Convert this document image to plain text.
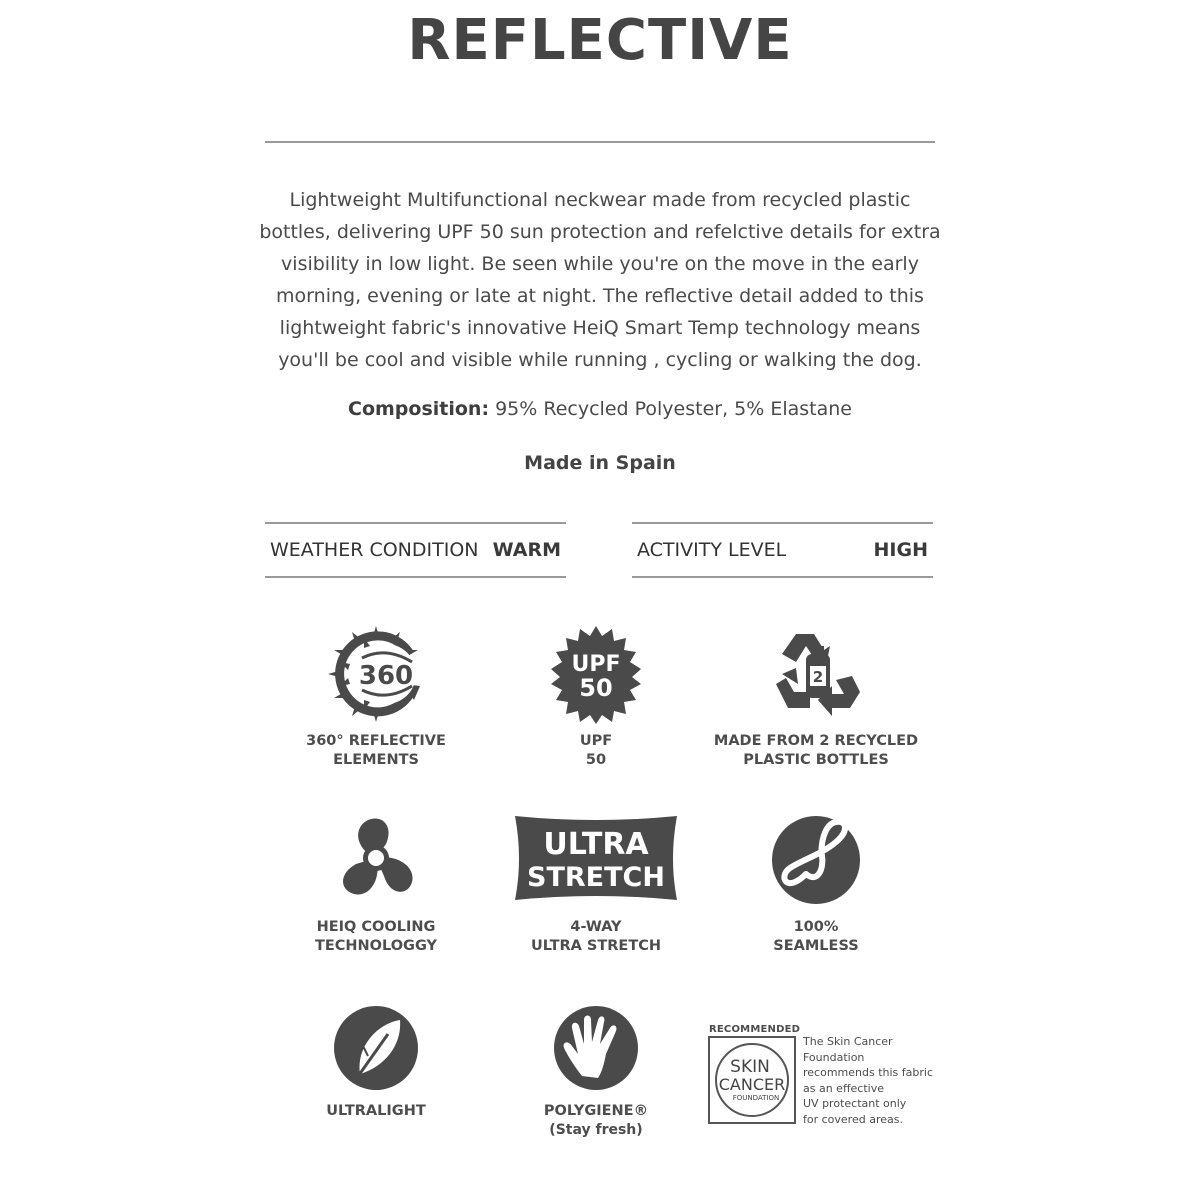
REFLECTIVE

Lightweight Multifunctional neckwear made from recycled plastic bottles, delivering UPF 50 sun protection and refelctive details for extra visibility in low light. Be seen while you're on the move in the early morning, evening or late at night. The reflective detail added to this lightweight fabric's innovative HeiQ Smart Temp technology means you'll be cool and visible while running , cycling or walking the dog.

Composition: 95% Recycled Polyester, 5% Elastane
Made in Spain
WEATHER CONDITION WARM	ACTIVITY LEVEL	HIGH
360
360° REFLECTIVE
ELEMENTS
UPF
50
UPF
50
2
MADE FROM 2 RECYCLED
PLASTIC BOTTLES
HEIQ COOLING
TECHNOLOGGY
ULTRA
STRETCH
4-WAY
ULTRA STRETCH
100%
SEAMLESS
ULTRALIGHT	POLYGIENE®
(Stay fresh)
RECOMMENDED
SKIN
CANCER
FOUNDATION
The Skin Cancer
Foundation
recommends this fabric
as an effective
UV protectant only
for covered areas.
